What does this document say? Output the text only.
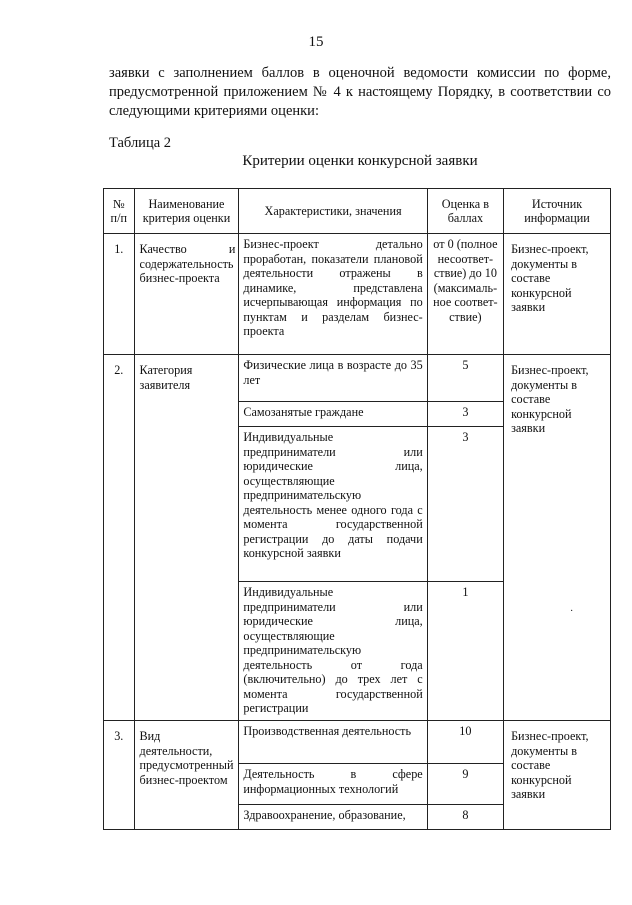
15
заявки с заполнением баллов в оценочной ведомости комиссии по форме, предусмотренной приложением № 4 к настоящему Порядку, в соответствии со следующими критериями оценки:
Таблица 2
Критерии оценки конкурсной заявки
№ п/п	Наименование критерия оценки	Характеристики, значения	Оценка в баллах	Источник информации
1.	Качество и содержательность бизнес-проекта	Бизнес-проект детально проработан, показатели плановой деятельности отражены в динамике, представлена исчерпывающая информация по пунктам и разделам бизнес-проекта	от 0 (полное несоответ-ствие) до 10 (максималь-ное соответ-ствие)	Бизнес-проект, документы в составе конкурсной заявки
2.	Категория заявителя	Физические лица в возрасте до 35 лет	5	Бизнес-проект, документы в составе конкурсной заявки
		Самозанятые граждане	3	
		Индивидуальные предприниматели или юридические лица, осуществляющие предпринимательскую деятельность менее одного года с момента государственной регистрации до даты подачи конкурсной заявки	3	
		Индивидуальные предприниматели или юридические лица, осуществляющие предпринимательскую деятельность от года (включительно) до трех лет с момента государственной регистрации	1	
3.	Вид деятельности, предусмотренный бизнес-проектом	Производственная деятельность	10	Бизнес-проект, документы в составе конкурсной заявки
		Деятельность в сфере информационных технологий	9	
		Здравоохранение, образование,	8	
·
